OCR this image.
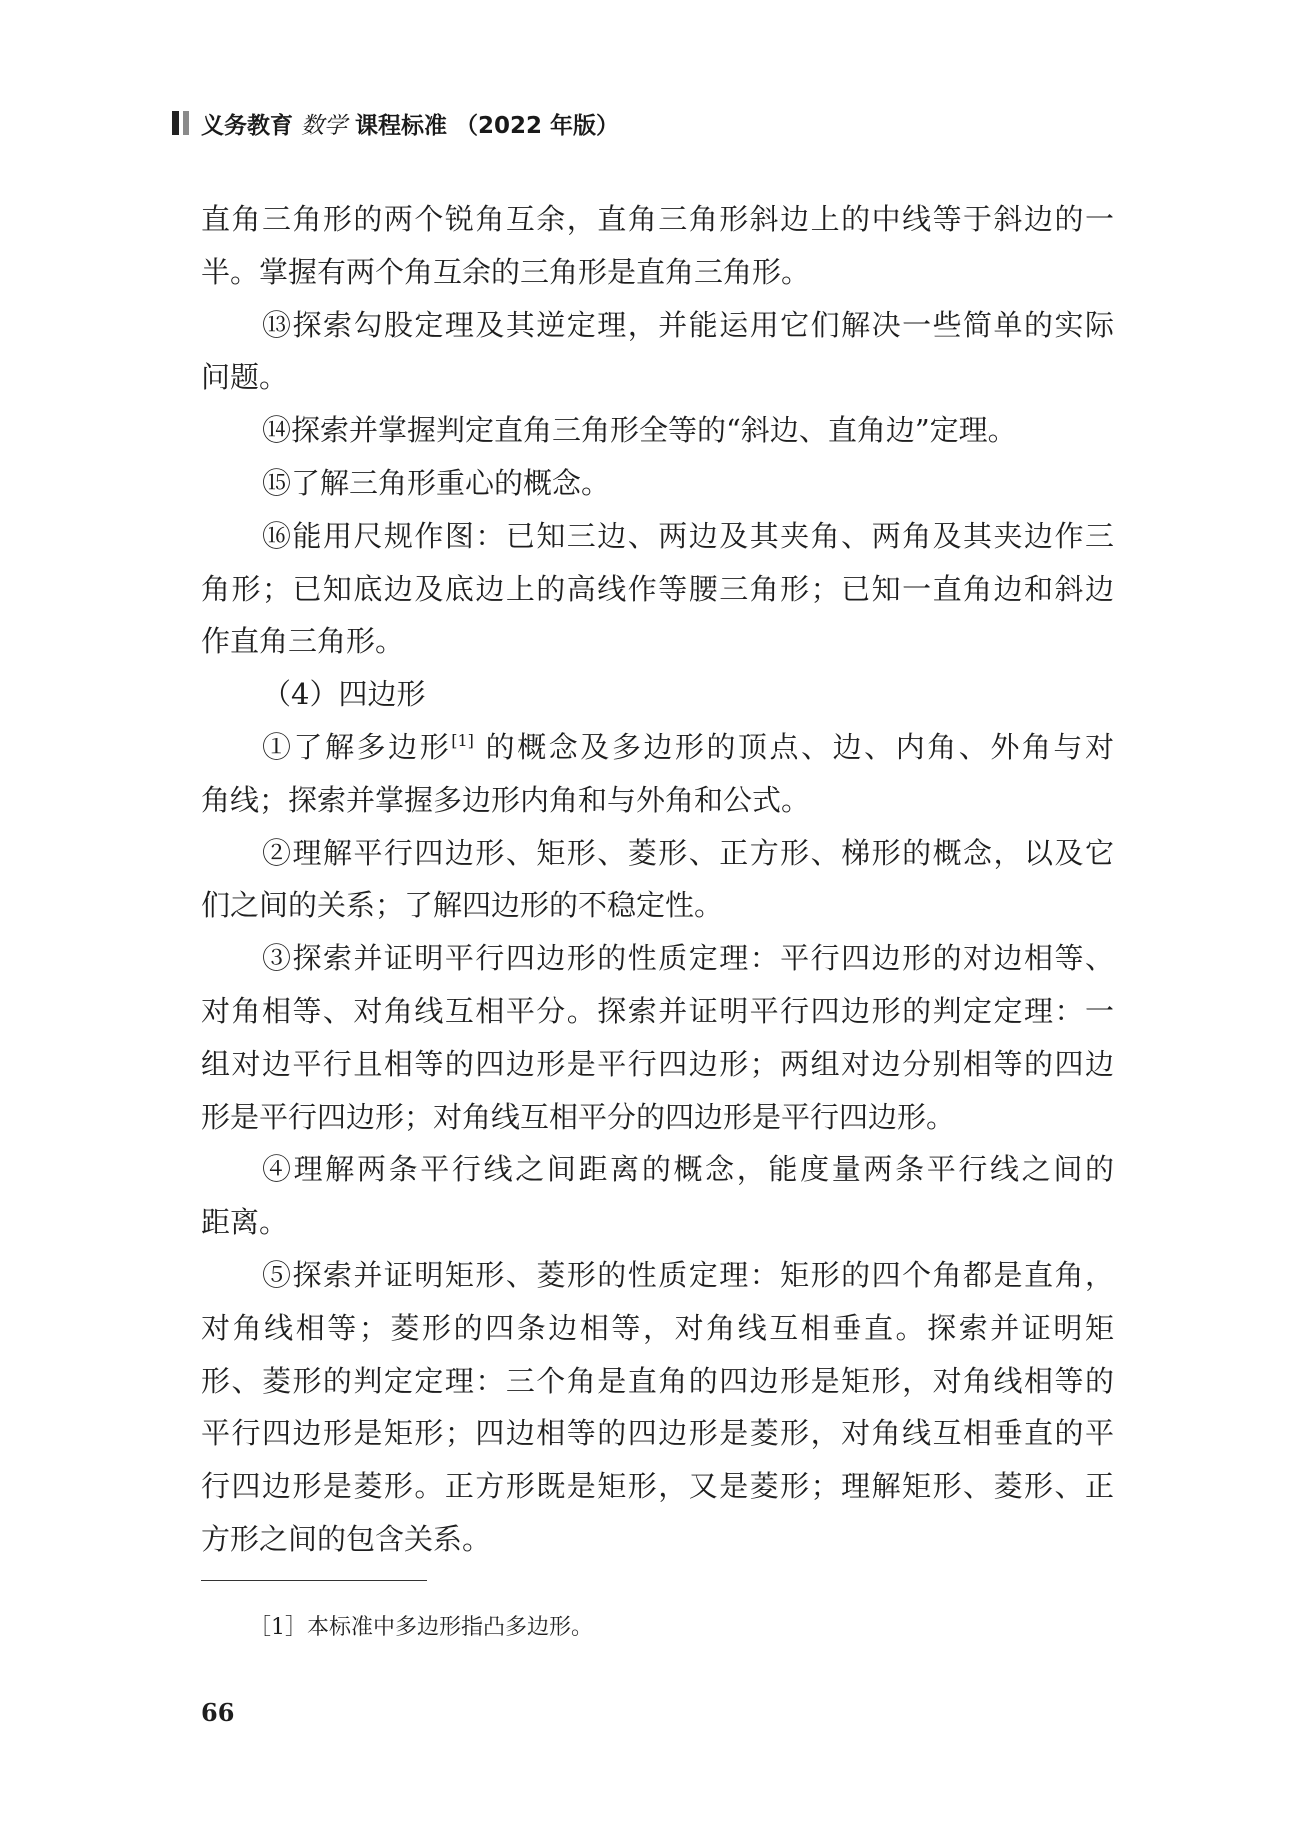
义务教育 数学 课程标准 （2022 年版）
直角三角形的两个锐角互余，直角三角形斜边上的中线等于斜边的一
半。掌握有两个角互余的三角形是直角三角形。
⑬探索勾股定理及其逆定理，并能运用它们解决一些简单的实际
问题。
⑭探索并掌握判定直角三角形全等的“斜边、直角边”定理。
⑮了解三角形重心的概念。
⑯能用尺规作图：已知三边、两边及其夹角、两角及其夹边作三
角形；已知底边及底边上的高线作等腰三角形；已知一直角边和斜边
作直角三角形。
（4）四边形
①了解多边形[1] 的概念及多边形的顶点、边、内角、外角与对
角线；探索并掌握多边形内角和与外角和公式。
②理解平行四边形、矩形、菱形、正方形、梯形的概念，以及它
们之间的关系；了解四边形的不稳定性。
③探索并证明平行四边形的性质定理：平行四边形的对边相等、
对角相等、对角线互相平分。探索并证明平行四边形的判定定理：一
组对边平行且相等的四边形是平行四边形；两组对边分别相等的四边
形是平行四边形；对角线互相平分的四边形是平行四边形。
④理解两条平行线之间距离的概念，能度量两条平行线之间的
距离。
⑤探索并证明矩形、菱形的性质定理：矩形的四个角都是直角，
对角线相等；菱形的四条边相等，对角线互相垂直。探索并证明矩
形、菱形的判定定理：三个角是直角的四边形是矩形，对角线相等的
平行四边形是矩形；四边相等的四边形是菱形，对角线互相垂直的平
行四边形是菱形。正方形既是矩形，又是菱形；理解矩形、菱形、正
方形之间的包含关系。
［1］本标准中多边形指凸多边形。
66
